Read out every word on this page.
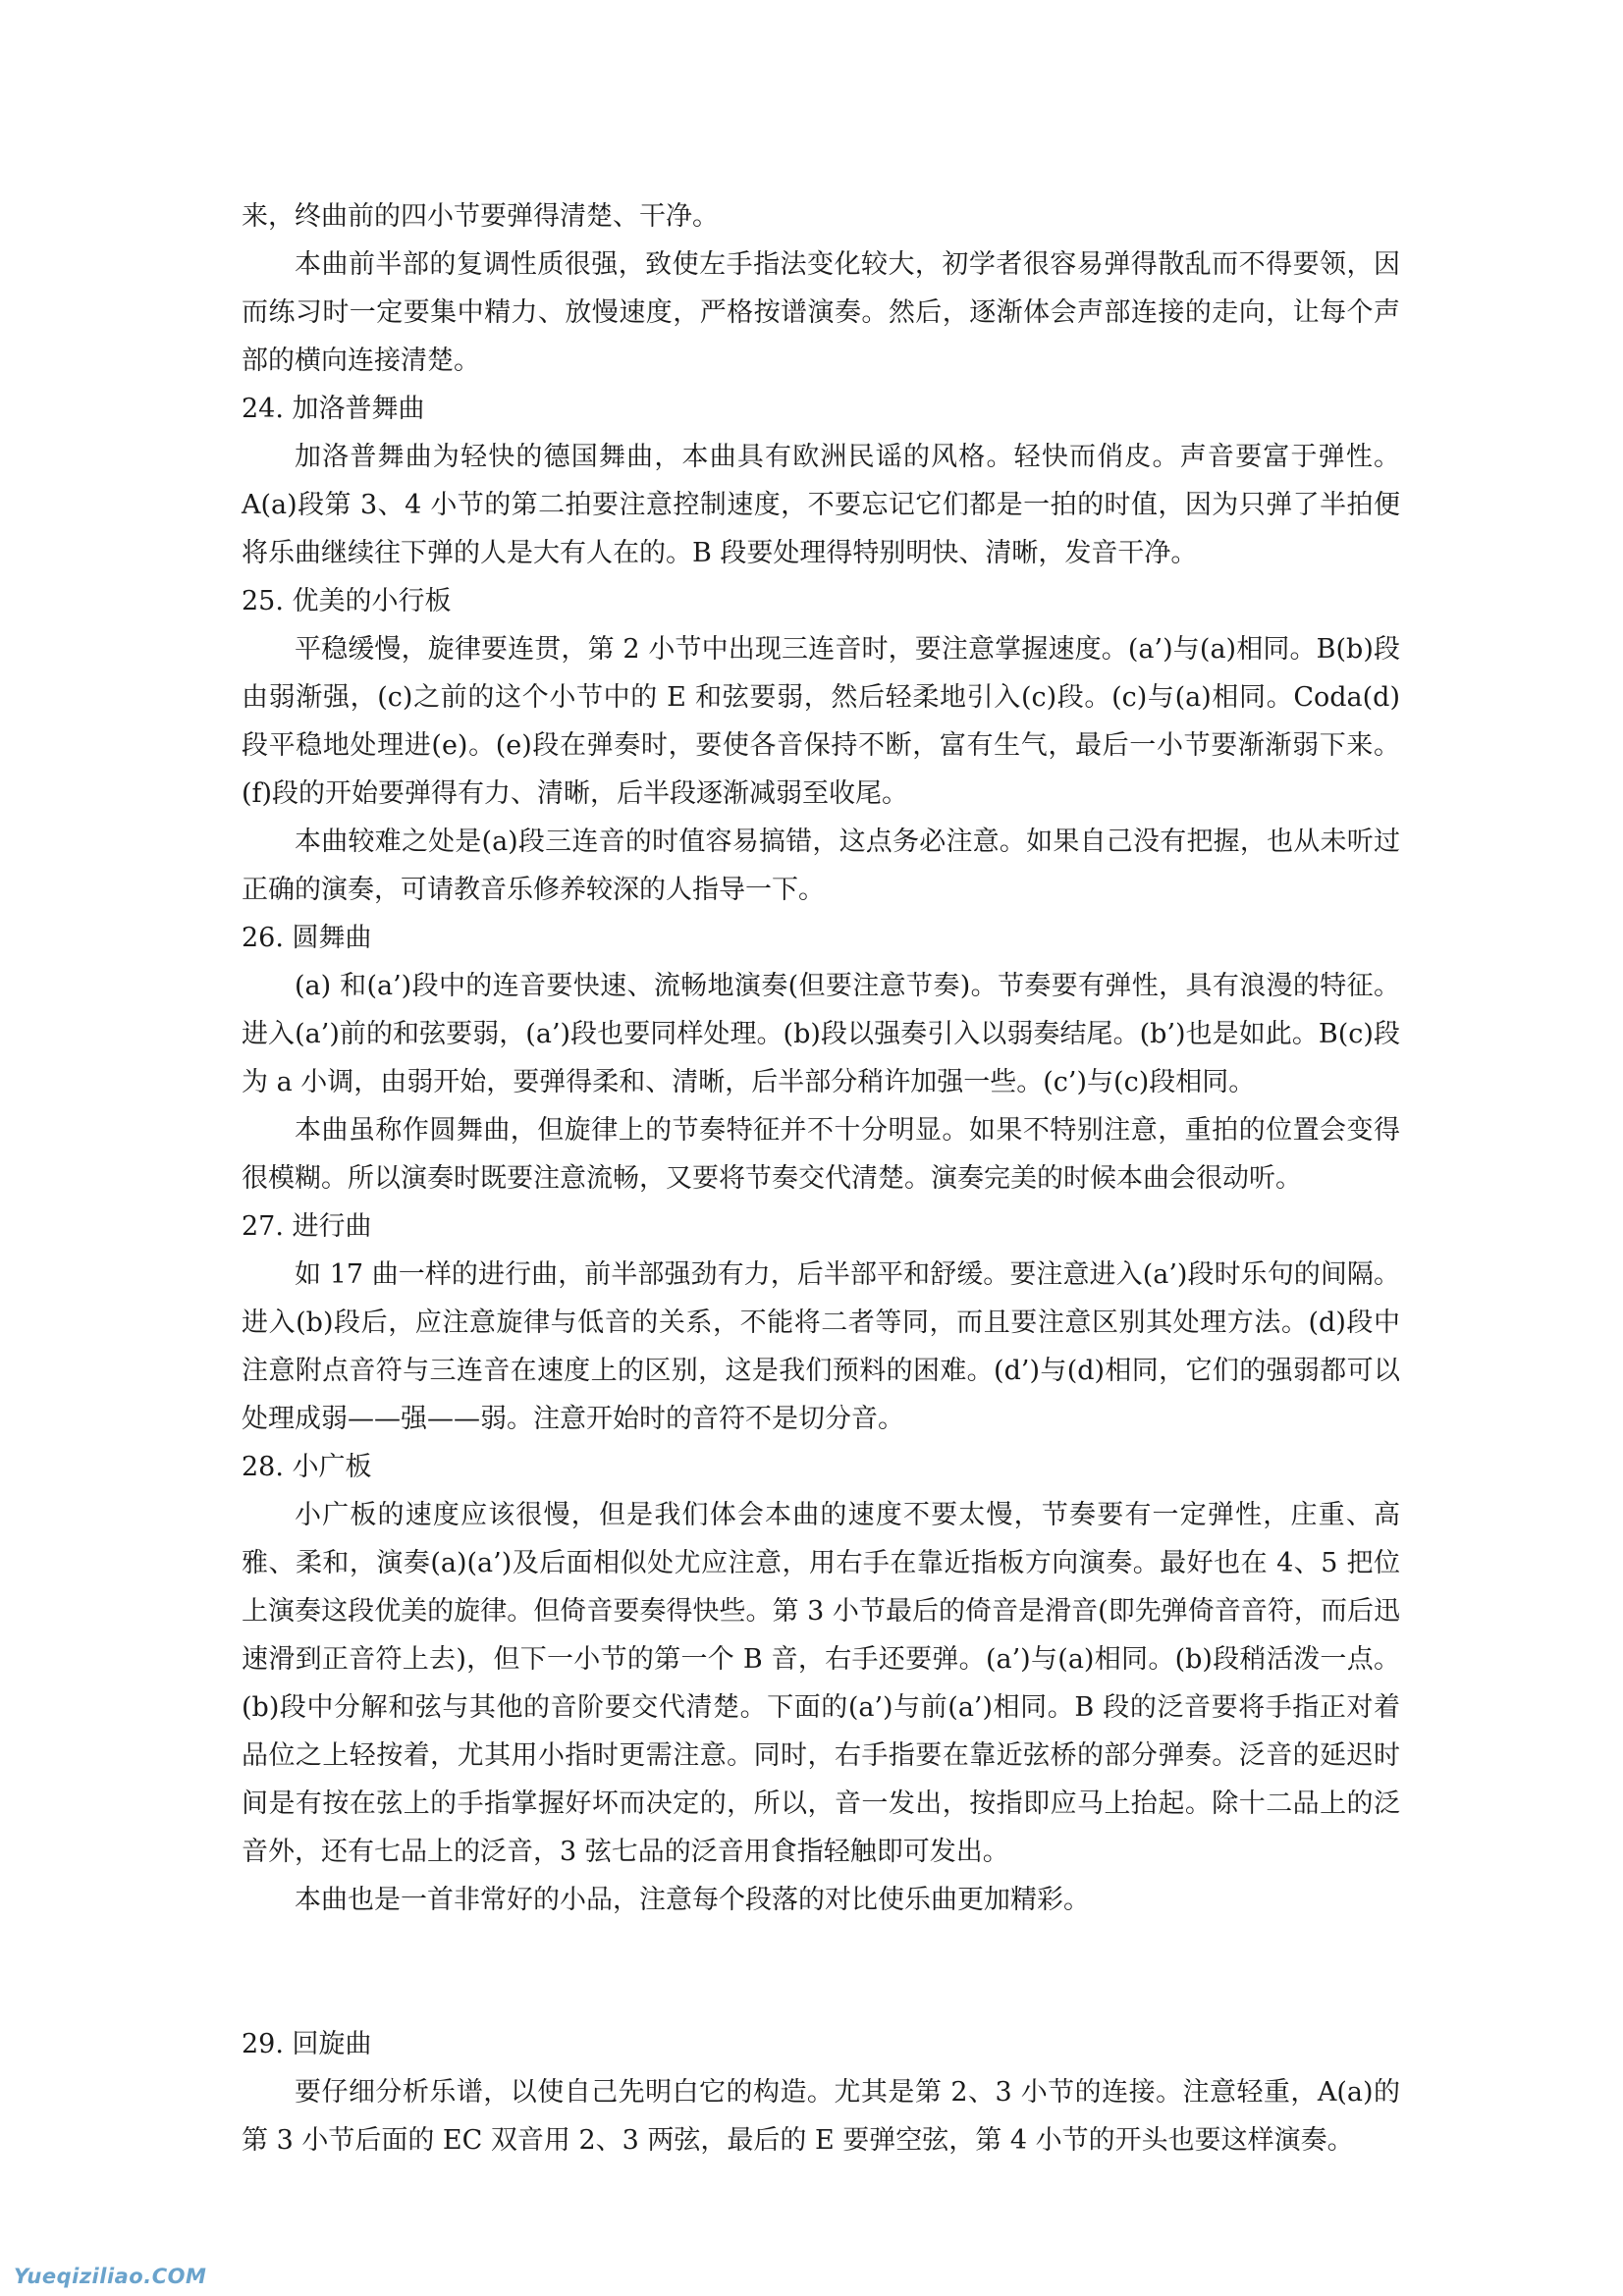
来，终曲前的四小节要弹得清楚、干净。

本曲前半部的复调性质很强，致使左手指法变化较大，初学者很容易弹得散乱而不得要领，因而练习时一定要集中精力、放慢速度，严格按谱演奏。然后，逐渐体会声部连接的走向，让每个声部的横向连接清楚。

24. 加洛普舞曲

加洛普舞曲为轻快的德国舞曲，本曲具有欧洲民谣的风格。轻快而俏皮。声音要富于弹性。A(a)段第 3、4 小节的第二拍要注意控制速度，不要忘记它们都是一拍的时值，因为只弹了半拍便将乐曲继续往下弹的人是大有人在的。B 段要处理得特别明快、清晰，发音干净。

25. 优美的小行板

平稳缓慢，旋律要连贯，第 2 小节中出现三连音时，要注意掌握速度。(a’)与(a)相同。B(b)段由弱渐强，(c)之前的这个小节中的 E 和弦要弱，然后轻柔地引入(c)段。(c)与(a)相同。Coda(d)段平稳地处理进(e)。(e)段在弹奏时，要使各音保持不断，富有生气，最后一小节要渐渐弱下来。(f)段的开始要弹得有力、清晰，后半段逐渐减弱至收尾。

本曲较难之处是(a)段三连音的时值容易搞错，这点务必注意。如果自己没有把握，也从未听过正确的演奏，可请教音乐修养较深的人指导一下。

26. 圆舞曲

(a) 和(a’)段中的连音要快速、流畅地演奏(但要注意节奏)。节奏要有弹性，具有浪漫的特征。进入(a’)前的和弦要弱，(a’)段也要同样处理。(b)段以强奏引入以弱奏结尾。(b’)也是如此。B(c)段为 a 小调，由弱开始，要弹得柔和、清晰，后半部分稍许加强一些。(c’)与(c)段相同。

本曲虽称作圆舞曲，但旋律上的节奏特征并不十分明显。如果不特别注意，重拍的位置会变得很模糊。所以演奏时既要注意流畅，又要将节奏交代清楚。演奏完美的时候本曲会很动听。

27. 进行曲

如 17 曲一样的进行曲，前半部强劲有力，后半部平和舒缓。要注意进入(a’)段时乐句的间隔。进入(b)段后，应注意旋律与低音的关系，不能将二者等同，而且要注意区别其处理方法。(d)段中注意附点音符与三连音在速度上的区别，这是我们预料的困难。(d’)与(d)相同，它们的强弱都可以处理成弱——强——弱。注意开始时的音符不是切分音。

28. 小广板

小广板的速度应该很慢，但是我们体会本曲的速度不要太慢，节奏要有一定弹性，庄重、高雅、柔和，演奏(a)(a’)及后面相似处尤应注意，用右手在靠近指板方向演奏。最好也在 4、5 把位上演奏这段优美的旋律。但倚音要奏得快些。第 3 小节最后的倚音是滑音(即先弹倚音音符，而后迅速滑到正音符上去)，但下一小节的第一个 B 音，右手还要弹。(a’)与(a)相同。(b)段稍活泼一点。 (b)段中分解和弦与其他的音阶要交代清楚。下面的(a’)与前(a’)相同。B 段的泛音要将手指正对着品位之上轻按着，尤其用小指时更需注意。同时，右手指要在靠近弦桥的部分弹奏。泛音的延迟时间是有按在弦上的手指掌握好坏而决定的，所以，音一发出，按指即应马上抬起。除十二品上的泛音外，还有七品上的泛音，3 弦七品的泛音用食指轻触即可发出。

本曲也是一首非常好的小品，注意每个段落的对比使乐曲更加精彩。

29. 回旋曲

要仔细分析乐谱，以使自己先明白它的构造。尤其是第 2、3 小节的连接。注意轻重，A(a)的第 3 小节后面的 EC 双音用 2、3 两弦，最后的 E 要弹空弦，第 4 小节的开头也要这样演奏。

Yueqiziliao.COM
